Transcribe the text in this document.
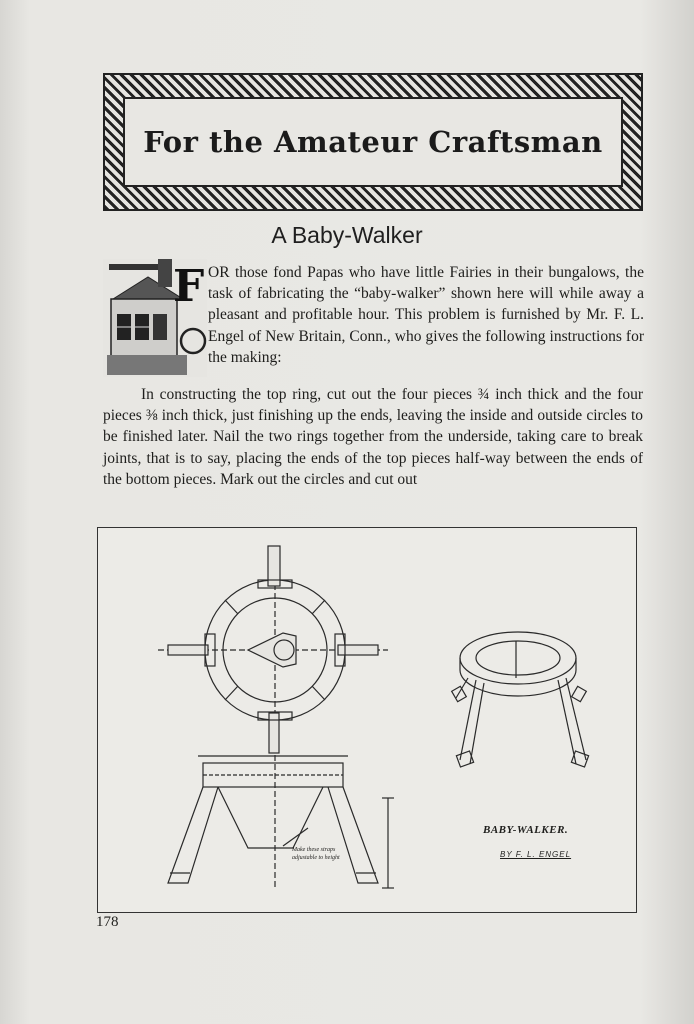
For the Amateur Craftsman
A Baby-Walker
F OR those fond Papas who have little Fairies in their bungalows, the task of fabricating the “baby-walker” shown here will while away a pleasant and profitable hour. This problem is furnished by Mr. F. L. Engel of New Britain, Conn., who gives the following instructions for the making:

In constructing the top ring, cut out the four pieces ¾ inch thick and the four pieces ⅜ inch thick, just finishing up the ends, leaving the inside and outside circles to be finished later. Nail the two rings together from the underside, taking care to break joints, that is to say, placing the ends of the top pieces half-way between the ends of the bottom pieces. Mark out the circles and cut out

Make these straps adjustable to height
BABY-WALKER.
BY F. L. ENGEL
178
